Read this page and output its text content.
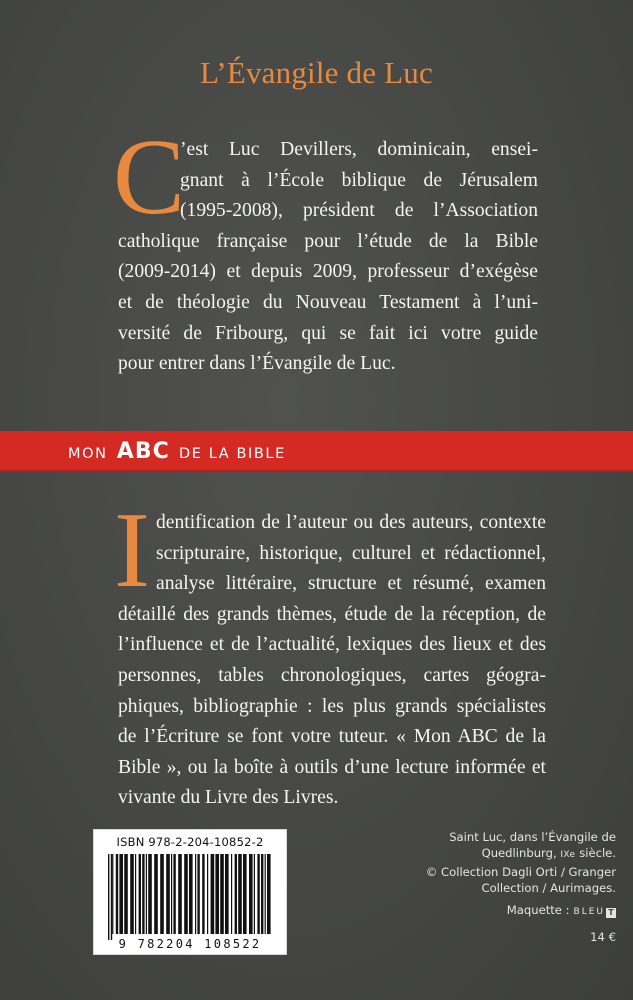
L’Évangile de Luc
C
’est Luc Devillers, dominicain, ensei-
gnant à l’École biblique de Jérusalem
(1995-2008), président de l’Association
catholique française pour l’étude de la Bible
(2009-2014) et depuis 2009, professeur d’exégèse
et de théologie du Nouveau Testament à l’uni-
versité de Fribourg, qui se fait ici votre guide
pour entrer dans l’Évangile de Luc.
MON ABC DE LA BIBLE
I dentification de l’auteur ou des auteurs, contexte
scripturaire, historique, culturel et rédactionnel,
analyse littéraire, structure et résumé, examen
détaillé des grands thèmes, étude de la réception, de
l’influence et de l’actualité, lexiques des lieux et des
personnes, tables chronologiques, cartes géogra-
phiques, bibliographie : les plus grands spécialistes
de l’Écriture se font votre tuteur. « Mon ABC de la
Bible », ou la boîte à outils d’une lecture informée et
vivante du Livre des Livres.
ISBN 978-2-204-10852-2
9 782204 108522
Saint Luc, dans l’Évangile de
Quedlinburg, IXe siècle.
© Collection Dagli Orti / Granger
Collection / Aurimages.
Maquette : BLEU T
14 €
